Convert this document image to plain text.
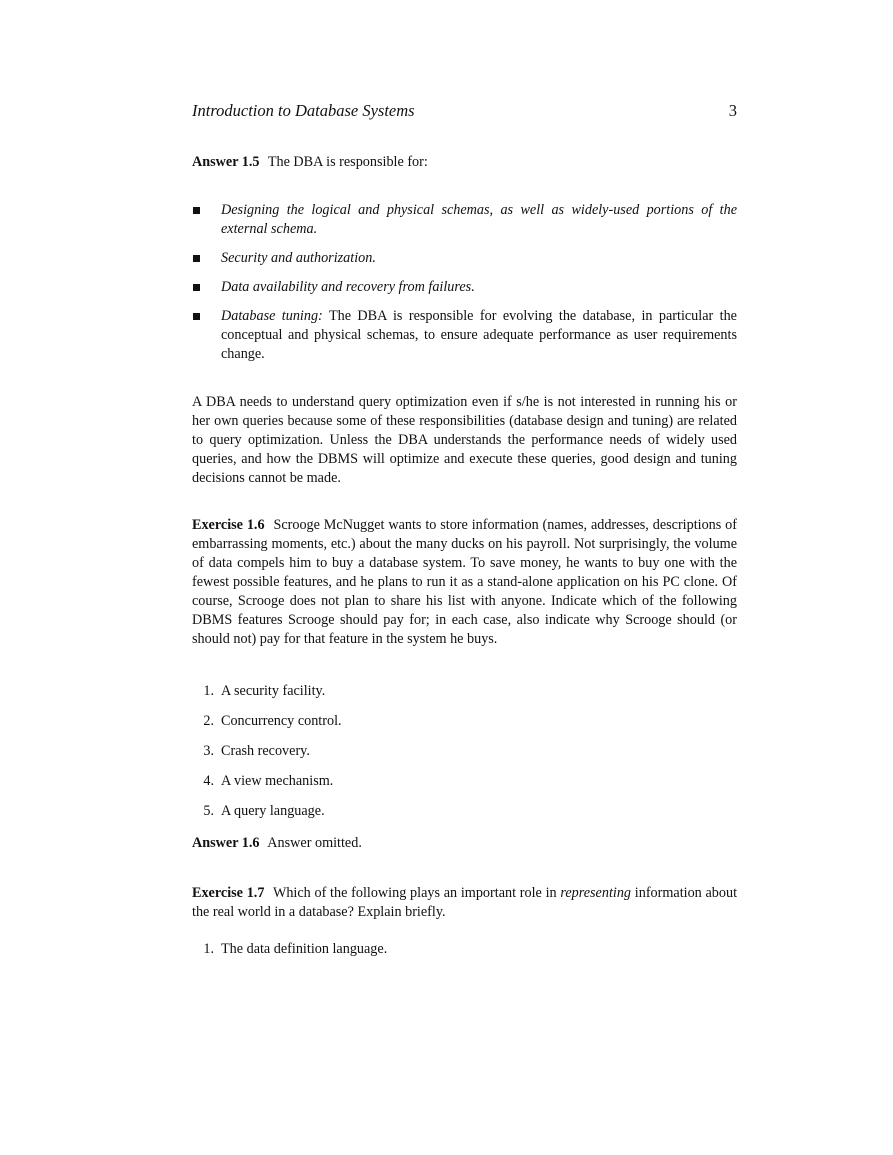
Introduction to Database Systems	3
Answer 1.5 The DBA is responsible for:
Designing the logical and physical schemas, as well as widely-used portions of the external schema.
Security and authorization.
Data availability and recovery from failures.
Database tuning: The DBA is responsible for evolving the database, in particular the conceptual and physical schemas, to ensure adequate performance as user requirements change.
A DBA needs to understand query optimization even if s/he is not interested in running his or her own queries because some of these responsibilities (database design and tuning) are related to query optimization. Unless the DBA understands the performance needs of widely used queries, and how the DBMS will optimize and execute these queries, good design and tuning decisions cannot be made.
Exercise 1.6 Scrooge McNugget wants to store information (names, addresses, descriptions of embarrassing moments, etc.) about the many ducks on his payroll. Not surprisingly, the volume of data compels him to buy a database system. To save money, he wants to buy one with the fewest possible features, and he plans to run it as a stand-alone application on his PC clone. Of course, Scrooge does not plan to share his list with anyone. Indicate which of the following DBMS features Scrooge should pay for; in each case, also indicate why Scrooge should (or should not) pay for that feature in the system he buys.
1. A security facility.
2. Concurrency control.
3. Crash recovery.
4. A view mechanism.
5. A query language.
Answer 1.6 Answer omitted.
Exercise 1.7 Which of the following plays an important role in representing information about the real world in a database? Explain briefly.
1. The data definition language.
